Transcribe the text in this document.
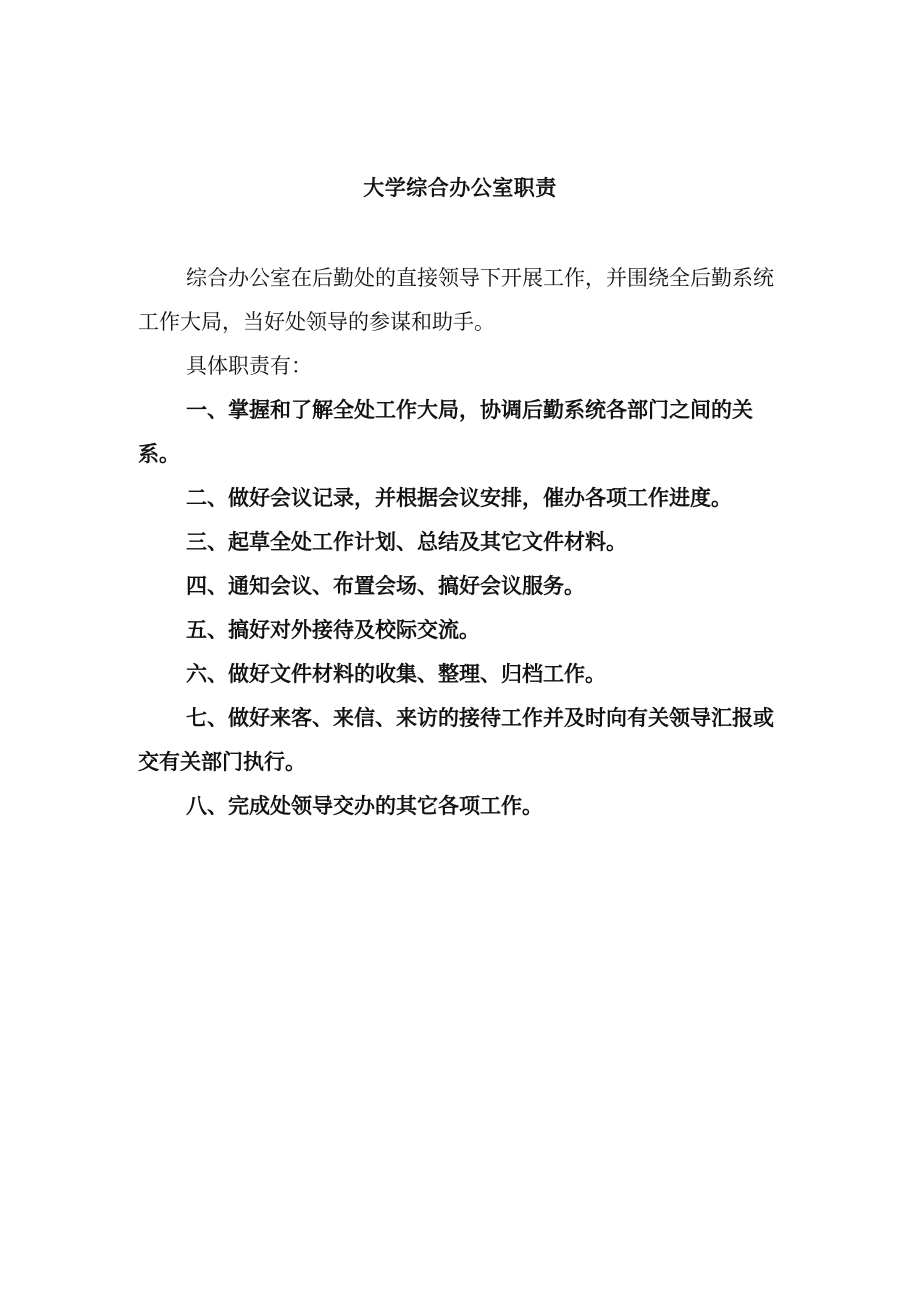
大学综合办公室职责

综合办公室在后勤处的直接领导下开展工作，并围绕全后勤系统工作大局，当好处领导的参谋和助手。

具体职责有：

一、掌握和了解全处工作大局，协调后勤系统各部门之间的关系。

二、做好会议记录，并根据会议安排，催办各项工作进度。

三、起草全处工作计划、总结及其它文件材料。

四、通知会议、布置会场、搞好会议服务。

五、搞好对外接待及校际交流。

六、做好文件材料的收集、整理、归档工作。

七、做好来客、来信、来访的接待工作并及时向有关领导汇报或交有关部门执行。

八、完成处领导交办的其它各项工作。
